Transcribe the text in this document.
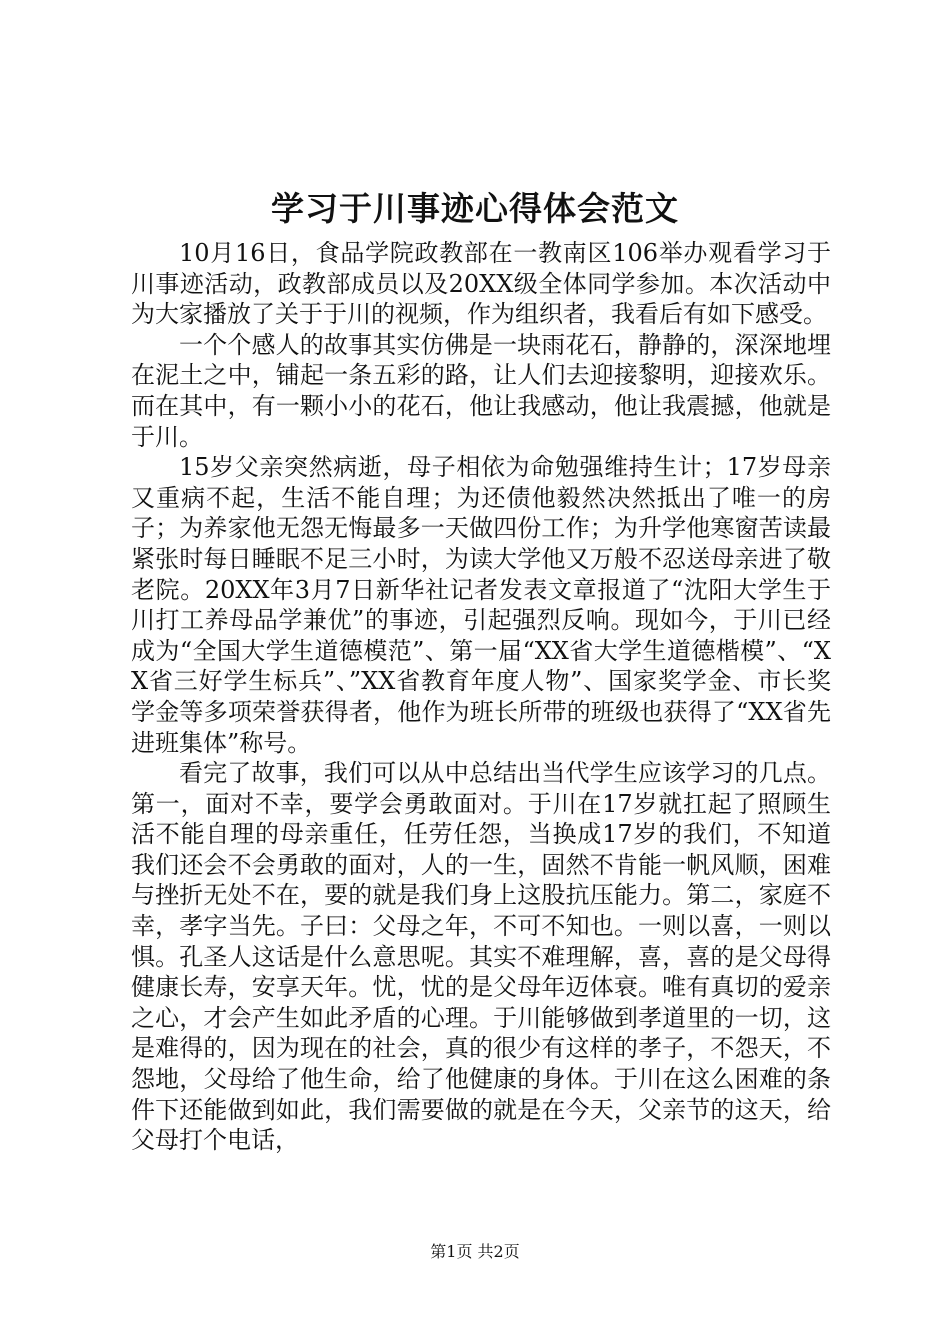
学习于川事迹心得体会范文

10月16日，食品学院政教部在一教南区106举办观看学习于川事迹活动，政教部成员以及20XX级全体同学参加。本次活动中为大家播放了关于于川的视频，作为组织者，我看后有如下感受。

一个个感人的故事其实仿佛是一块雨花石，静静的，深深地埋在泥土之中，铺起一条五彩的路，让人们去迎接黎明，迎接欢乐。而在其中，有一颗小小的花石，他让我感动，他让我震撼，他就是于川。

15岁父亲突然病逝，母子相依为命勉强维持生计；17岁母亲又重病不起，生活不能自理；为还债他毅然决然抵出了唯一的房子；为养家他无怨无悔最多一天做四份工作；为升学他寒窗苦读最紧张时每日睡眠不足三小时，为读大学他又万般不忍送母亲进了敬老院。20XX年3月7日新华社记者发表文章报道了“沈阳大学生于川打工养母品学兼优”的事迹，引起强烈反响。现如今，于川已经成为“全国大学生道德模范”、第一届“XX省大学生道德楷模”、“XX省三好学生标兵”、”XX省教育年度人物”、国家奖学金、市长奖学金等多项荣誉获得者，他作为班长所带的班级也获得了“XX省先进班集体”称号。

看完了故事，我们可以从中总结出当代学生应该学习的几点。第一，面对不幸，要学会勇敢面对。于川在17岁就扛起了照顾生活不能自理的母亲重任，任劳任怨，当换成17岁的我们，不知道我们还会不会勇敢的面对，人的一生，固然不肯能一帆风顺，困难与挫折无处不在，要的就是我们身上这股抗压能力。第二，家庭不幸，孝字当先。子曰：父母之年，不可不知也。一则以喜，一则以惧。孔圣人这话是什么意思呢。其实不难理解，喜，喜的是父母得健康长寿，安享天年。忧，忧的是父母年迈体衰。唯有真切的爱亲之心，才会产生如此矛盾的心理。于川能够做到孝道里的一切，这是难得的，因为现在的社会，真的很少有这样的孝子，不怨天，不怨地，父母给了他生命，给了他健康的身体。于川在这么困难的条件下还能做到如此，我们需要做的就是在今天，父亲节的这天，给父母打个电话，

第1页 共2页
